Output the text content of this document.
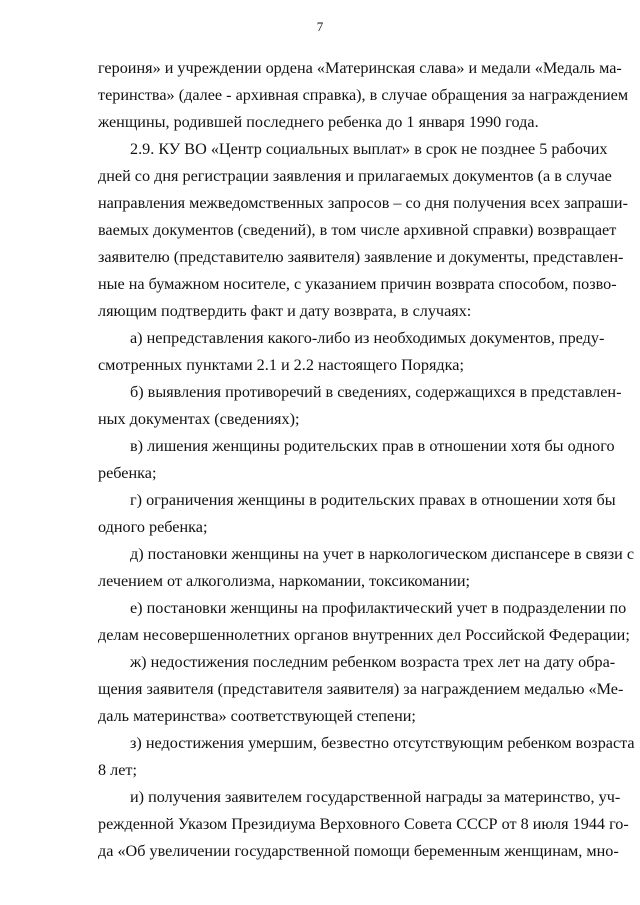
7
героиня» и учреждении ордена «Материнская слава» и медали «Медаль ма-
теринства» (далее - архивная справка), в случае обращения за награждением
женщины, родившей последнего ребенка до 1 января 1990 года.
2.9. КУ ВО «Центр социальных выплат» в срок не позднее 5 рабочих
дней со дня регистрации заявления и прилагаемых документов (а в случае
направления межведомственных запросов – со дня получения всех запраши-
ваемых документов (сведений), в том числе архивной справки) возвращает
заявителю (представителю заявителя) заявление и документы, представлен-
ные на бумажном носителе, с указанием причин возврата способом, позво-
ляющим подтвердить факт и дату возврата, в случаях:
а) непредставления какого-либо из необходимых документов, преду-
смотренных пунктами 2.1 и 2.2 настоящего Порядка;
б) выявления противоречий в сведениях, содержащихся в представлен-
ных документах (сведениях);
в) лишения женщины родительских прав в отношении хотя бы одного
ребенка;
г) ограничения женщины в родительских правах в отношении хотя бы
одного ребенка;
д) постановки женщины на учет в наркологическом диспансере в связи с
лечением от алкоголизма, наркомании, токсикомании;
е) постановки женщины на профилактический учет в подразделении по
делам несовершеннолетних органов внутренних дел Российской Федерации;
ж) недостижения последним ребенком возраста трех лет на дату обра-
щения заявителя (представителя заявителя) за награждением медалью «Ме-
даль материнства» соответствующей степени;
з) недостижения умершим, безвестно отсутствующим ребенком возраста
8 лет;
и) получения заявителем государственной награды за материнство, уч-
режденной Указом Президиума Верховного Совета СССР от 8 июля 1944 го-
да «Об увеличении государственной помощи беременным женщинам, мно-
